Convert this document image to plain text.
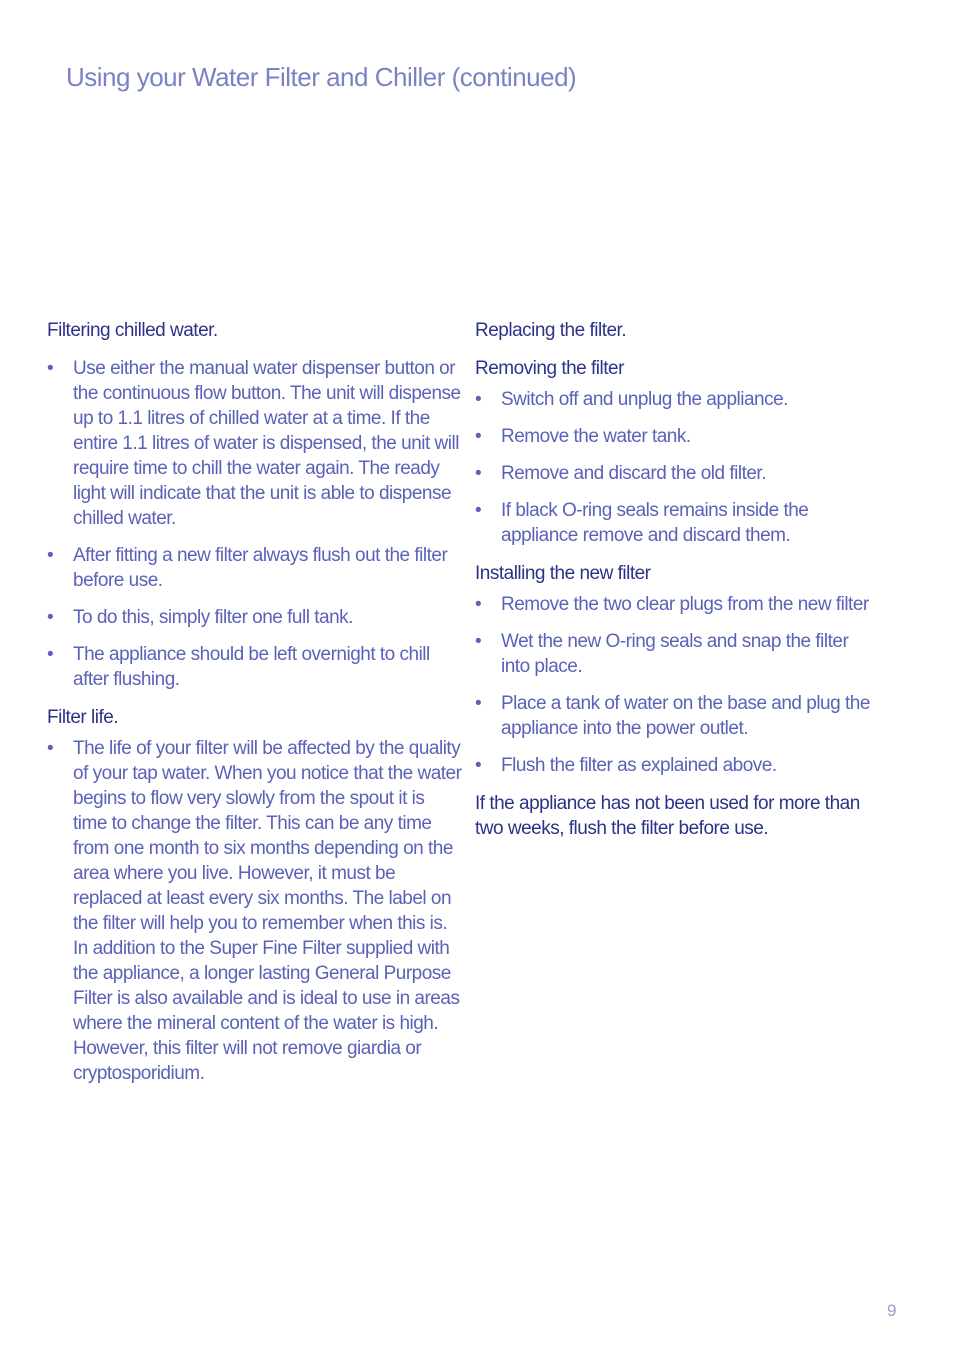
Using your Water Filter and Chiller (continued)
Filtering chilled water.
• Use either the manual water dispenser button or the continuous flow button. The unit will dispense up to 1.1 litres of chilled water at a time. If the entire 1.1 litres of water is dispensed, the unit will require time to chill the water again. The ready light will indicate that the unit is able to dispense chilled water.
• After fitting a new filter always flush out the filter before use.
• To do this, simply filter one full tank.
• The appliance should be left overnight to chill after flushing.
Filter life.
• The life of your filter will be affected by the quality of your tap water. When you notice that the water begins to flow very slowly from the spout it is time to change the filter. This can be any time from one month to six months depending on the area where you live. However, it must be replaced at least every six months. The label on the filter will help you to remember when this is. In addition to the Super Fine Filter supplied with the appliance, a longer lasting General Purpose Filter is also available and is ideal to use in areas where the mineral content of the water is high. However, this filter will not remove giardia or cryptosporidium.
Replacing the filter.
Removing the filter
• Switch off and unplug the appliance.
• Remove the water tank.
• Remove and discard the old filter.
• If black O-ring seals remains inside the appliance remove and discard them.
Installing the new filter
• Remove the two clear plugs from the new filter
• Wet the new O-ring seals and snap the filter into place.
• Place a tank of water on the base and plug the appliance into the power outlet.
• Flush the filter as explained above.

If the appliance has not been used for more than two weeks, flush the filter before use.

9
